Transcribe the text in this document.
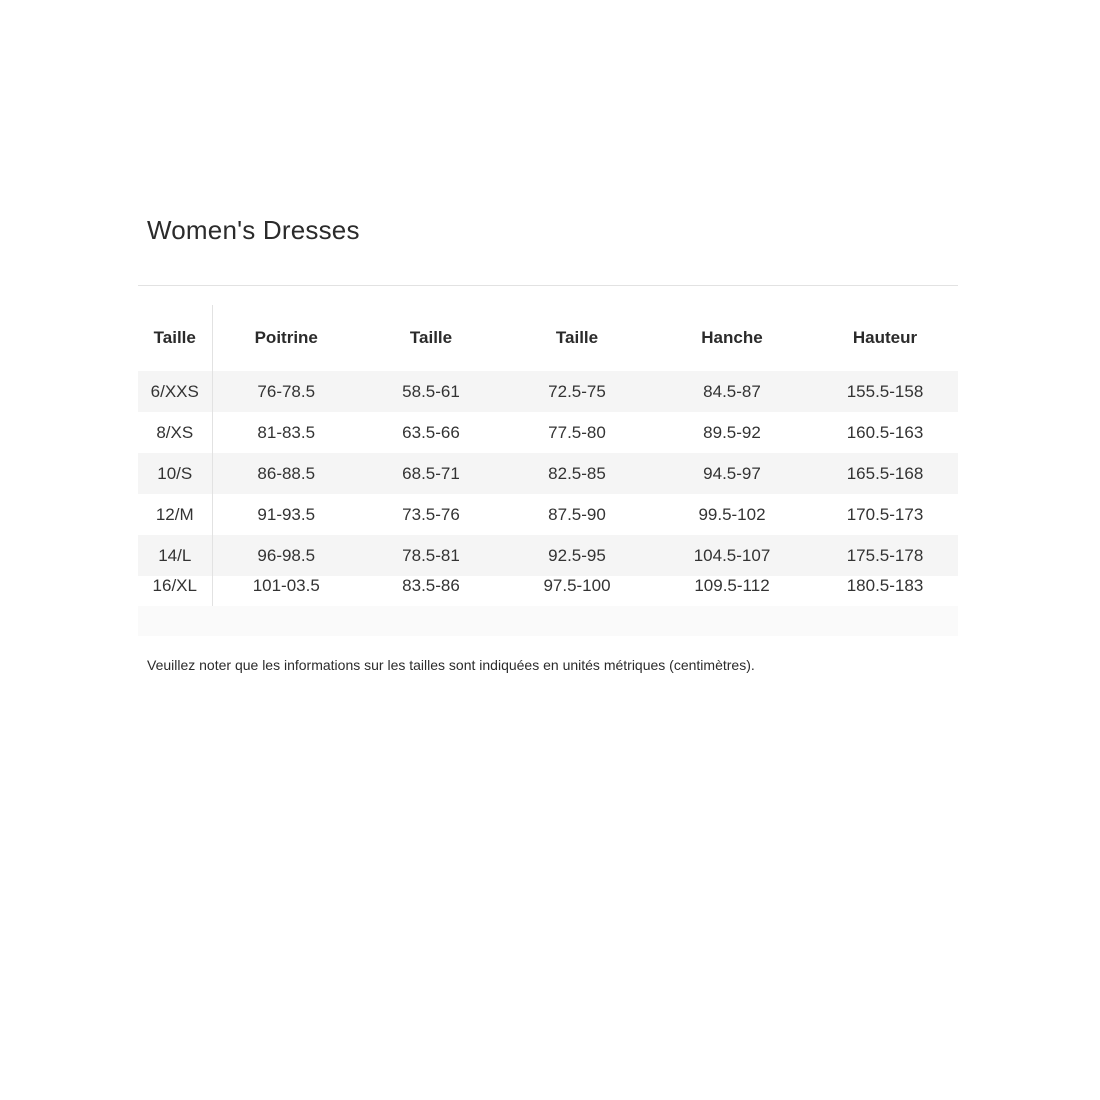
Women's Dresses
Taille	Poitrine	Taille	Taille	Hanche	Hauteur
6/XXS	76-78.5	58.5-61	72.5-75	84.5-87	155.5-158
8/XS	81-83.5	63.5-66	77.5-80	89.5-92	160.5-163
10/S	86-88.5	68.5-71	82.5-85	94.5-97	165.5-168
12/M	91-93.5	73.5-76	87.5-90	99.5-102	170.5-173
14/L	96-98.5	78.5-81	92.5-95	104.5-107	175.5-178
16/XL	101-03.5	83.5-86	97.5-100	109.5-112	180.5-183

Veuillez noter que les informations sur les tailles sont indiquées en unités métriques (centimètres).
